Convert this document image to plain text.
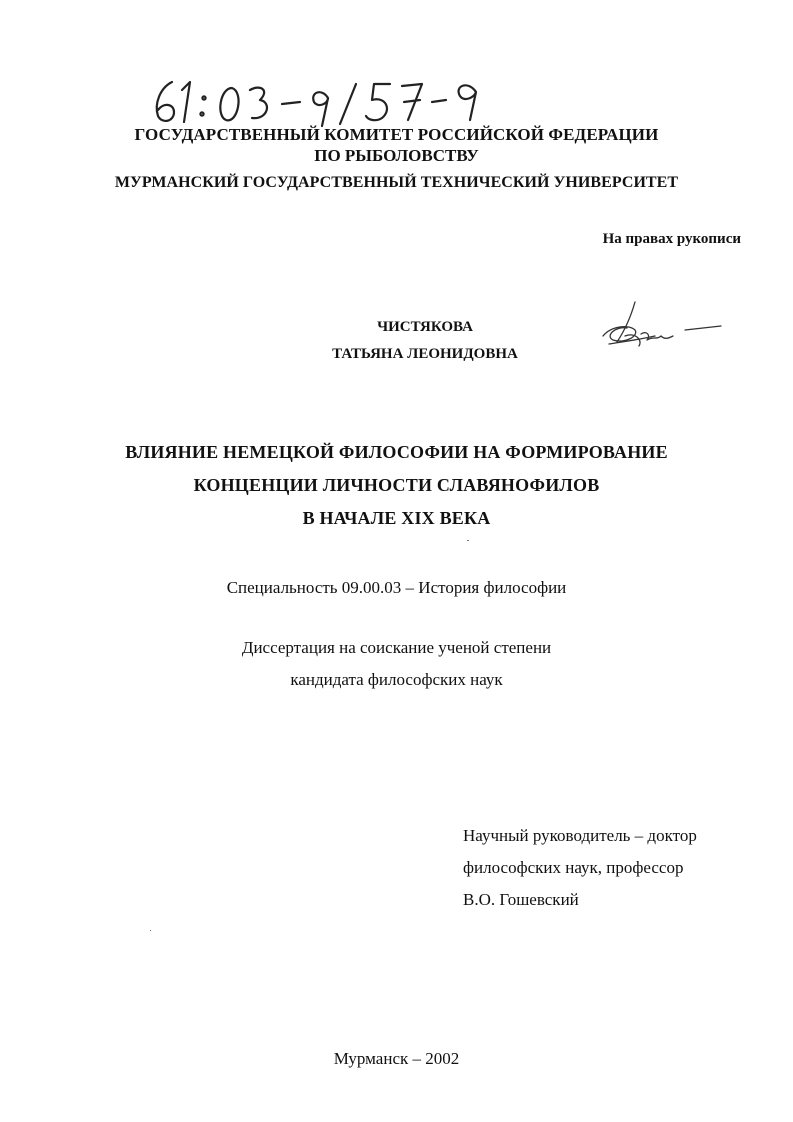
ГОСУДАРСТВЕННЫЙ КОМИТЕТ РОССИЙСКОЙ ФЕДЕРАЦИИ
ПО РЫБОЛОВСТВУ
МУРМАНСКИЙ ГОСУДАРСТВЕННЫЙ ТЕХНИЧЕСКИЙ УНИВЕРСИТЕТ
На правах рукописи
ЧИСТЯКОВА
ТАТЬЯНА ЛЕОНИДОВНА
ВЛИЯНИЕ НЕМЕЦКОЙ ФИЛОСОФИИ НА ФОРМИРОВАНИЕ
КОНЦЕНЦИИ ЛИЧНОСТИ СЛАВЯНОФИЛОВ
В НАЧАЛЕ XIX ВЕКА
Специальность 09.00.03 – История философии
Диссертация на соискание ученой степени
кандидата философских наук
Научный руководитель – доктор
философских наук, профессор
В.О. Гошевский
Мурманск – 2002
